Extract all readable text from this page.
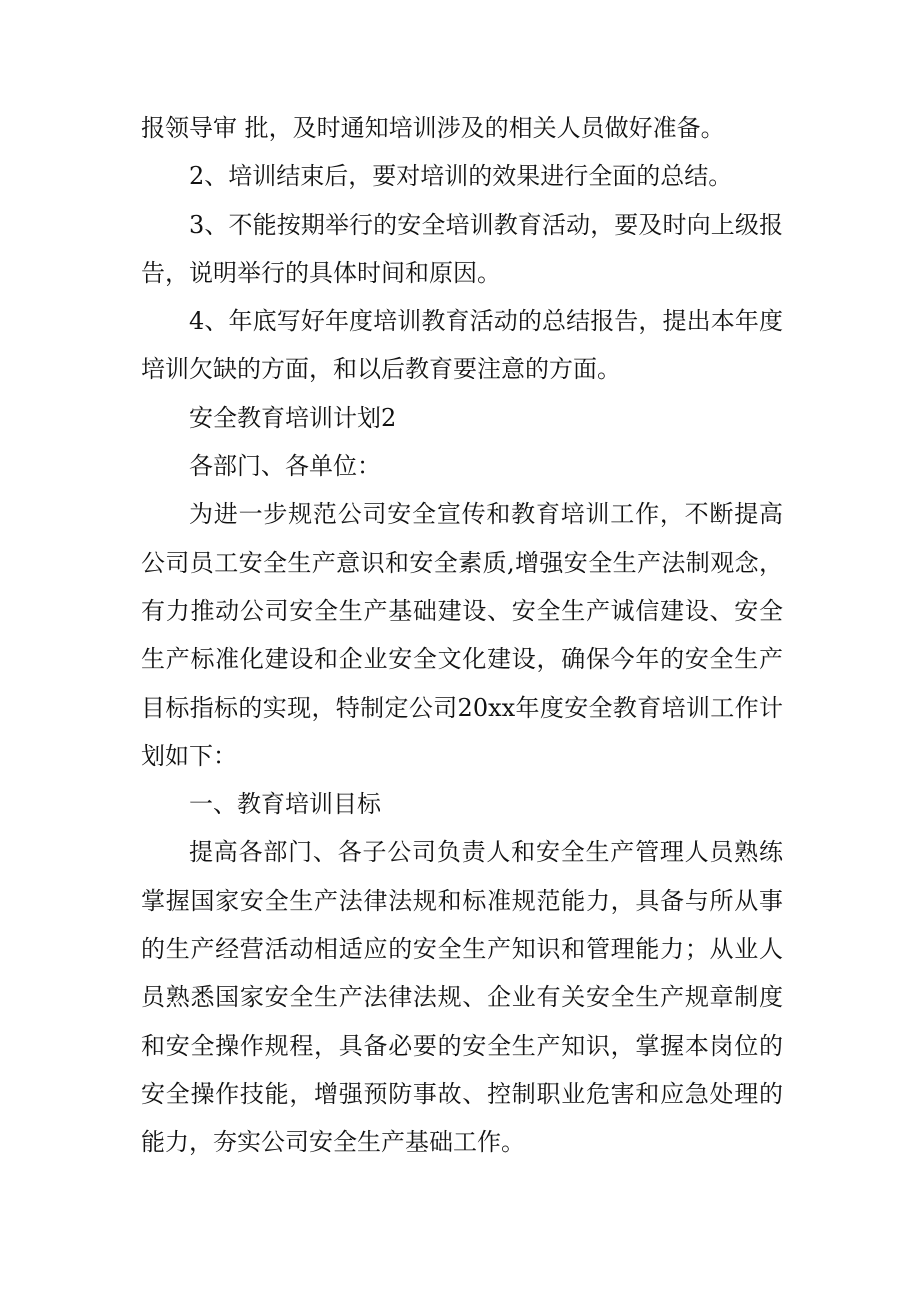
报领导审 批，及时通知培训涉及的相关人员做好准备。

2、培训结束后，要对培训的效果进行全面的总结。

3、不能按期举行的安全培训教育活动，要及时向上级报告，说明举行的具体时间和原因。

4、年底写好年度培训教育活动的总结报告，提出本年度培训欠缺的方面，和以后教育要注意的方面。

安全教育培训计划2

各部门、各单位：

为进一步规范公司安全宣传和教育培训工作，不断提高公司员工安全生产意识和安全素质,增强安全生产法制观念，有力推动公司安全生产基础建设、安全生产诚信建设、安全生产标准化建设和企业安全文化建设，确保今年的安全生产目标指标的实现，特制定公司20xx年度安全教育培训工作计划如下：

一、教育培训目标

提高各部门、各子公司负责人和安全生产管理人员熟练掌握国家安全生产法律法规和标准规范能力，具备与所从事的生产经营活动相适应的安全生产知识和管理能力；从业人员熟悉国家安全生产法律法规、企业有关安全生产规章制度和安全操作规程，具备必要的安全生产知识，掌握本岗位的安全操作技能，增强预防事故、控制职业危害和应急处理的能力，夯实公司安全生产基础工作。
